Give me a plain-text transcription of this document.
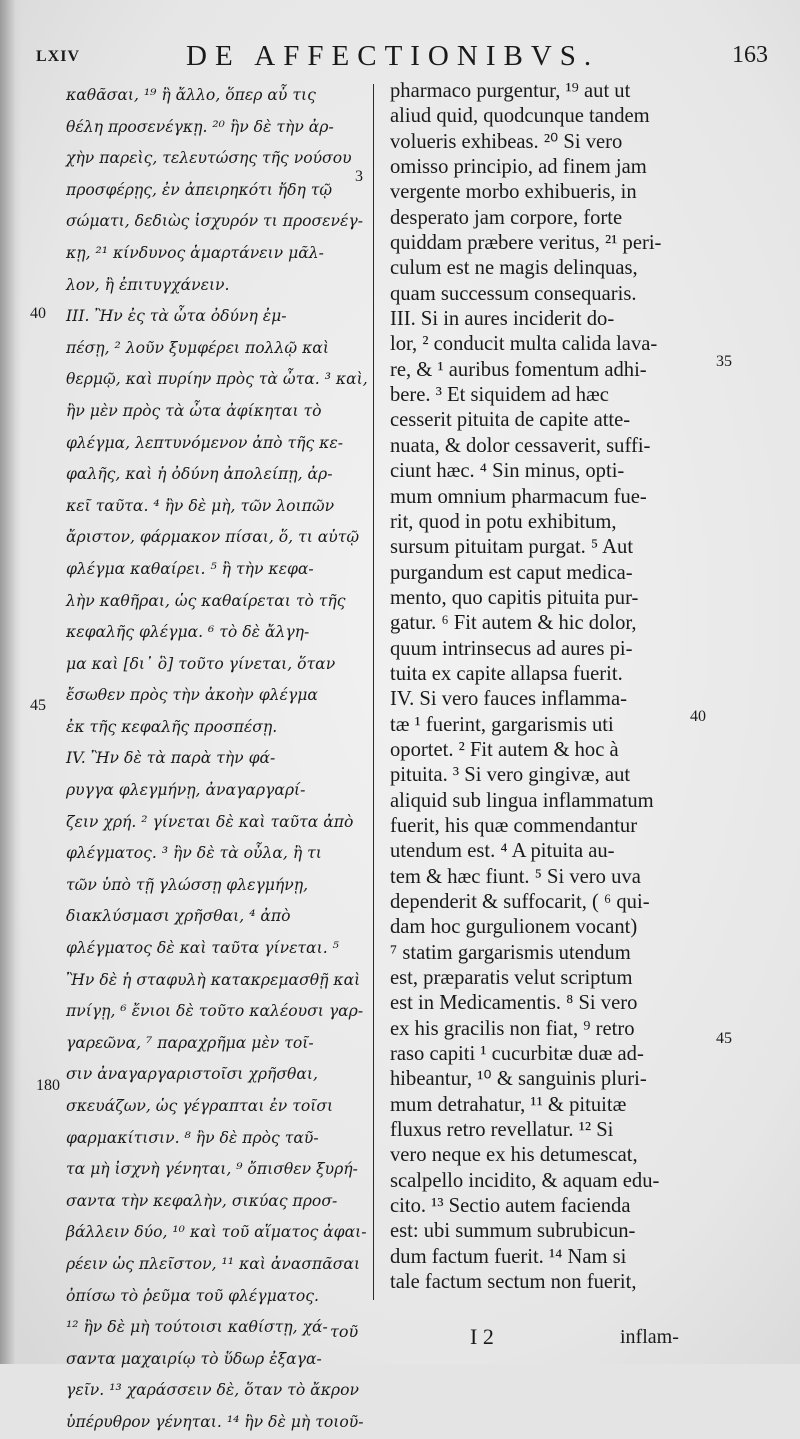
LXIV	DE AFFECTIONIBVS.	163
καθᾶσαι, ¹⁹ ἢ ἄλλο, ὅπερ αὖ τις
θέλη προσενέγκῃ. ²⁰ ἢν δὲ τὴν ἀρ-
χὴν παρεὶς, τελευτώσης τῆς νούσου
προσφέρῃς, ἐν ἀπειρηκότι ἤδη τῷ
σώματι, δεδιὼς ἰσχυρόν τι προσενέγ-
κῃ, ²¹ κίνδυνος ἁμαρτάνειν μᾶλ-
λον, ἢ ἐπιτυγχάνειν.
III. Ἢν ἐς τὰ ὦτα ὀδύνη ἐμ-
πέσῃ, ² λοῦν ξυμφέρει πολλῷ καὶ
θερμῷ, καὶ πυρίην πρὸς τὰ ὦτα. ³ καὶ,
ἢν μὲν πρὸς τὰ ὦτα ἀφίκηται τὸ
φλέγμα, λεπτυνόμενον ἀπὸ τῆς κε-
φαλῆς, καὶ ἡ ὀδύνη ἀπολείπῃ, ἀρ-
κεῖ ταῦτα. ⁴ ἢν δὲ μὴ, τῶν λοιπῶν
ἄριστον, φάρμακον πίσαι, ὅ, τι αὐτῷ
φλέγμα καθαίρει. ⁵ ἢ τὴν κεφα-
λὴν καθῆραι, ὡς καθαίρεται τὸ τῆς
κεφαλῆς φλέγμα. ⁶ τὸ δὲ ἄλγη-
μα καὶ [δι᾽ ὃ] τοῦτο γίνεται, ὅταν
ἔσωθεν πρὸς τὴν ἀκοὴν φλέγμα
ἐκ τῆς κεφαλῆς προσπέσῃ.
IV. Ἢν δὲ τὰ παρὰ τὴν φά-
ρυγγα φλεγμήνῃ, ἀναγαργαρί-
ζειν χρή. ² γίνεται δὲ καὶ ταῦτα ἀπὸ
φλέγματος. ³ ἢν δὲ τὰ οὖλα, ἢ τι
τῶν ὑπὸ τῇ γλώσσῃ φλεγμήνῃ,
διακλύσμασι χρῆσθαι, ⁴ ἀπὸ
φλέγματος δὲ καὶ ταῦτα γίνεται. ⁵
Ἢν δὲ ἡ σταφυλὴ κατακρεμασθῇ καὶ
πνίγῃ, ⁶ ἔνιοι δὲ τοῦτο καλέουσι γαρ-
γαρεῶνα, ⁷ παραχρῆμα μὲν τοῖ-
σιν ἀναγαργαριστοῖσι χρῆσθαι,
σκευάζων, ὡς γέγραπται ἐν τοῖσι
φαρμακίτισιν. ⁸ ἢν δὲ πρὸς ταῦ-
τα μὴ ἰσχνὴ γένηται, ⁹ ὄπισθεν ξυρή-
σαντα τὴν κεφαλὴν, σικύας προσ-
βάλλειν δύο, ¹⁰ καὶ τοῦ αἵματος ἀφαι-
ρέειν ὡς πλεῖστον, ¹¹ καὶ ἀνασπᾶσαι
ὀπίσω τὸ ῥεῦμα τοῦ φλέγματος.
¹² ἢν δὲ μὴ τούτοισι καθίστῃ, χά-
σαντα μαχαιρίῳ τὸ ὕδωρ ἐξαγα-
γεῖν. ¹³ χαράσσειν δὲ, ὅταν τὸ ἄκρον
ὑπέρυθρον γένηται. ¹⁴ ἢν δὲ μὴ τοιοῦ-
pharmaco purgentur, ¹⁹ aut ut
aliud quid, quodcunque tandem
volueris exhibeas. ²⁰ Si vero
omisso principio, ad finem jam
vergente morbo exhibueris, in
desperato jam corpore, forte
quiddam præbere veritus, ²¹ peri-
culum est ne magis delinquas,
quam successum consequaris.
III. Si in aures inciderit do-
lor, ² conducit multa calida lava-
re, & ¹ auribus fomentum adhi-
bere. ³ Et siquidem ad hæc
cesserit pituita de capite atte-
nuata, & dolor cessaverit, suffi-
ciunt hæc. ⁴ Sin minus, opti-
mum omnium pharmacum fue-
rit, quod in potu exhibitum,
sursum pituitam purgat. ⁵ Aut
purgandum est caput medica-
mento, quo capitis pituita pur-
gatur. ⁶ Fit autem & hic dolor,
quum intrinsecus ad aures pi-
tuita ex capite allapsa fuerit.
IV. Si vero fauces inflamma-
tæ ¹ fuerint, gargarismis uti
oportet. ² Fit autem & hoc à
pituita. ³ Si vero gingivæ, aut
aliquid sub lingua inflammatum
fuerit, his quæ commendantur
utendum est. ⁴ A pituita au-
tem & hæc fiunt. ⁵ Si vero uva
dependerit & suffocarit, ( ⁶ qui-
dam hoc gurgulionem vocant)
⁷ statim gargarismis utendum
est, præparatis velut scriptum
est in Medicamentis. ⁸ Si vero
ex his gracilis non fiat, ⁹ retro
raso capiti ¹ cucurbitæ duæ ad-
hibeantur, ¹⁰ & sanguinis pluri-
mum detrahatur, ¹¹ & pituitæ
fluxus retro revellatur. ¹² Si
vero neque ex his detumescat,
scalpello incidito, & aquam edu-
cito. ¹³ Sectio autem facienda
est: ubi summum subrubicun-
dum factum fuerit. ¹⁴ Nam si
tale factum sectum non fuerit,
3
40
45
180
35
40
45
τοῦ	I 2	inflam-
